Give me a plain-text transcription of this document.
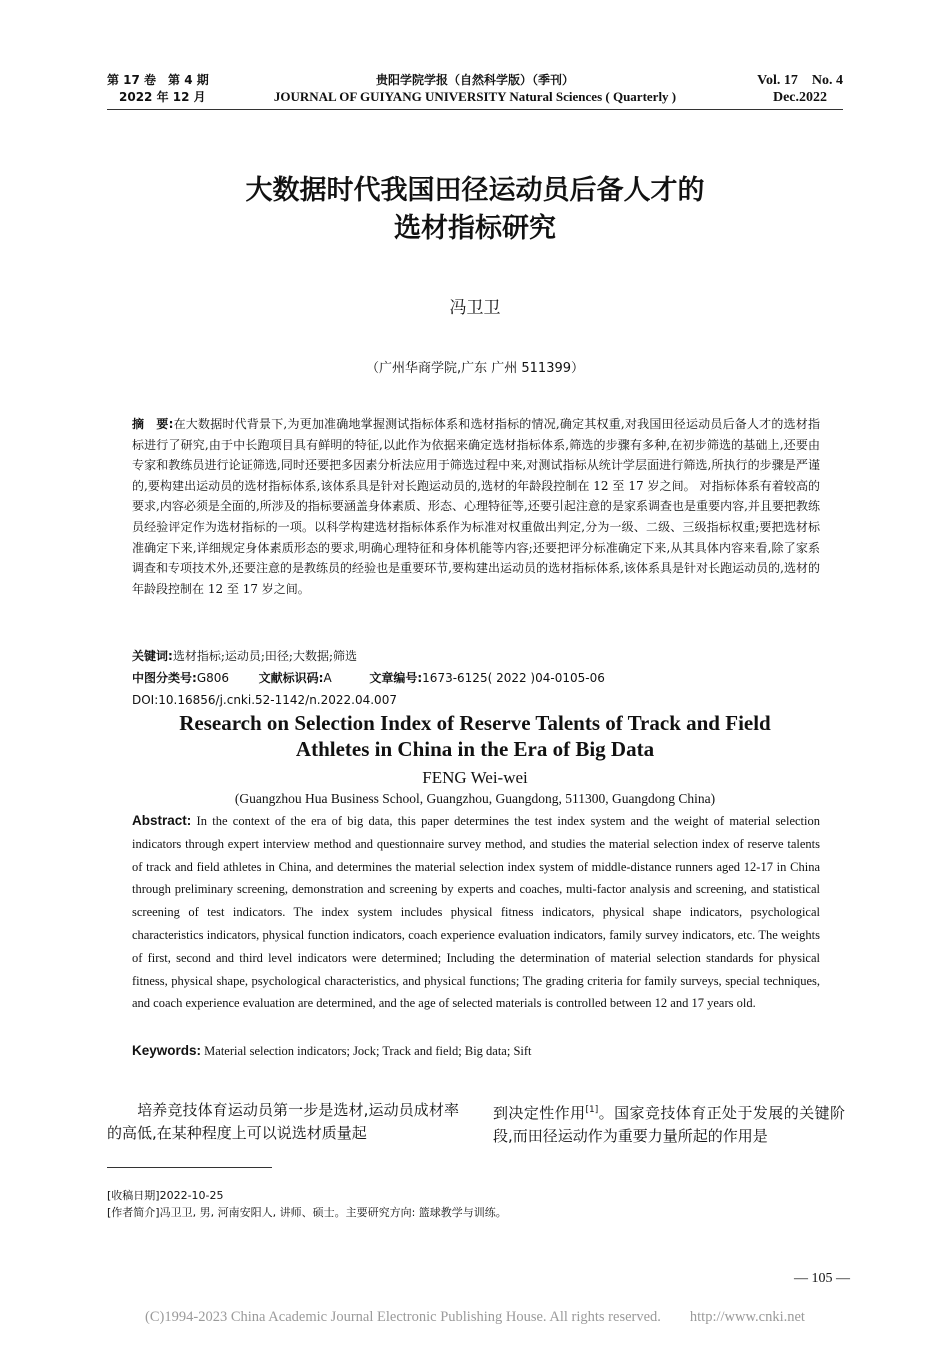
第 17 卷　第 4 期
2022 年 12 月
贵阳学院学报（自然科学版）（季刊）
JOURNAL OF GUIYANG UNIVERSITY Natural Sciences ( Quarterly )
Vol. 17　No. 4
Dec.2022
大数据时代我国田径运动员后备人才的
选材指标研究
冯卫卫
（广州华商学院,广东 广州 511399）
摘　要:在大数据时代背景下,为更加准确地掌握测试指标体系和选材指标的情况,确定其权重,对我国田径运动员后备人才的选材指标进行了研究,由于中长跑项目具有鲜明的特征,以此作为依据来确定选材指标体系,筛选的步骤有多种,在初步筛选的基础上,还要由专家和教练员进行论证筛选,同时还要把多因素分析法应用于筛选过程中来,对测试指标从统计学层面进行筛选,所执行的步骤是严谨的,要构建出运动员的选材指标体系,该体系具是针对长跑运动员的,选材的年龄段控制在 12 至 17 岁之间。 对指标体系有着较高的要求,内容必须是全面的,所涉及的指标要涵盖身体素质、形态、心理特征等,还要引起注意的是家系调查也是重要内容,并且要把教练员经验评定作为选材指标的一项。以科学构建选材指标体系作为标准对权重做出判定,分为一级、二级、三级指标权重;要把选材标准确定下来,详细规定身体素质形态的要求,明确心理特征和身体机能等内容;还要把评分标准确定下来,从其具体内容来看,除了家系调查和专项技术外,还要注意的是教练员的经验也是重要环节,要构建出运动员的选材指标体系,该体系具是针对长跑运动员的,选材的年龄段控制在 12 至 17 岁之间。
关键词:选材指标;运动员;田径;大数据;筛选
中图分类号:G806 文献标识码:A	文章编号:1673-6125( 2022 )04-0105-06
DOI:10.16856/j.cnki.52-1142/n.2022.04.007
Research on Selection Index of Reserve Talents of Track and Field
Athletes in China in the Era of Big Data
FENG Wei-wei
(Guangzhou Hua Business School, Guangzhou, Guangdong, 511300, Guangdong China)
Abstract: In the context of the era of big data, this paper determines the test index system and the weight of material selection indicators through expert interview method and questionnaire survey method, and studies the material selection index of reserve talents of track and field athletes in China, and determines the material selection index system of middle-distance runners aged 12-17 in China through preliminary screening, demonstration and screening by experts and coaches, multi-factor analysis and screening, and statistical screening of test indicators. The index system includes physical fitness indicators, physical shape indicators, psychological characteristics indicators, physical function indicators, coach experience evaluation indicators, family survey indicators, etc. The weights of first, second and third level indicators were determined; Including the determination of material selection standards for physical fitness, physical shape, psychological characteristics, and physical functions; The grading criteria for family surveys, special techniques, and coach experience evaluation are determined, and the age of selected materials is controlled between 12 and 17 years old.
Keywords: Material selection indicators; Jock; Track and field; Big data; Sift
　　培养竞技体育运动员第一步是选材,运动员成材率的高低,在某种程度上可以说选材质量起
到决定性作用[1]。国家竞技体育正处于发展的关键阶段,而田径运动作为重要力量所起的作用是
[收稿日期]2022-10-25
[作者简介]冯卫卫, 男, 河南安阳人, 讲师、硕士。主要研究方向: 篮球教学与训练。
— 105 —
(C)1994-2023 China Academic Journal Electronic Publishing House. All rights reserved.　　http://www.cnki.net
